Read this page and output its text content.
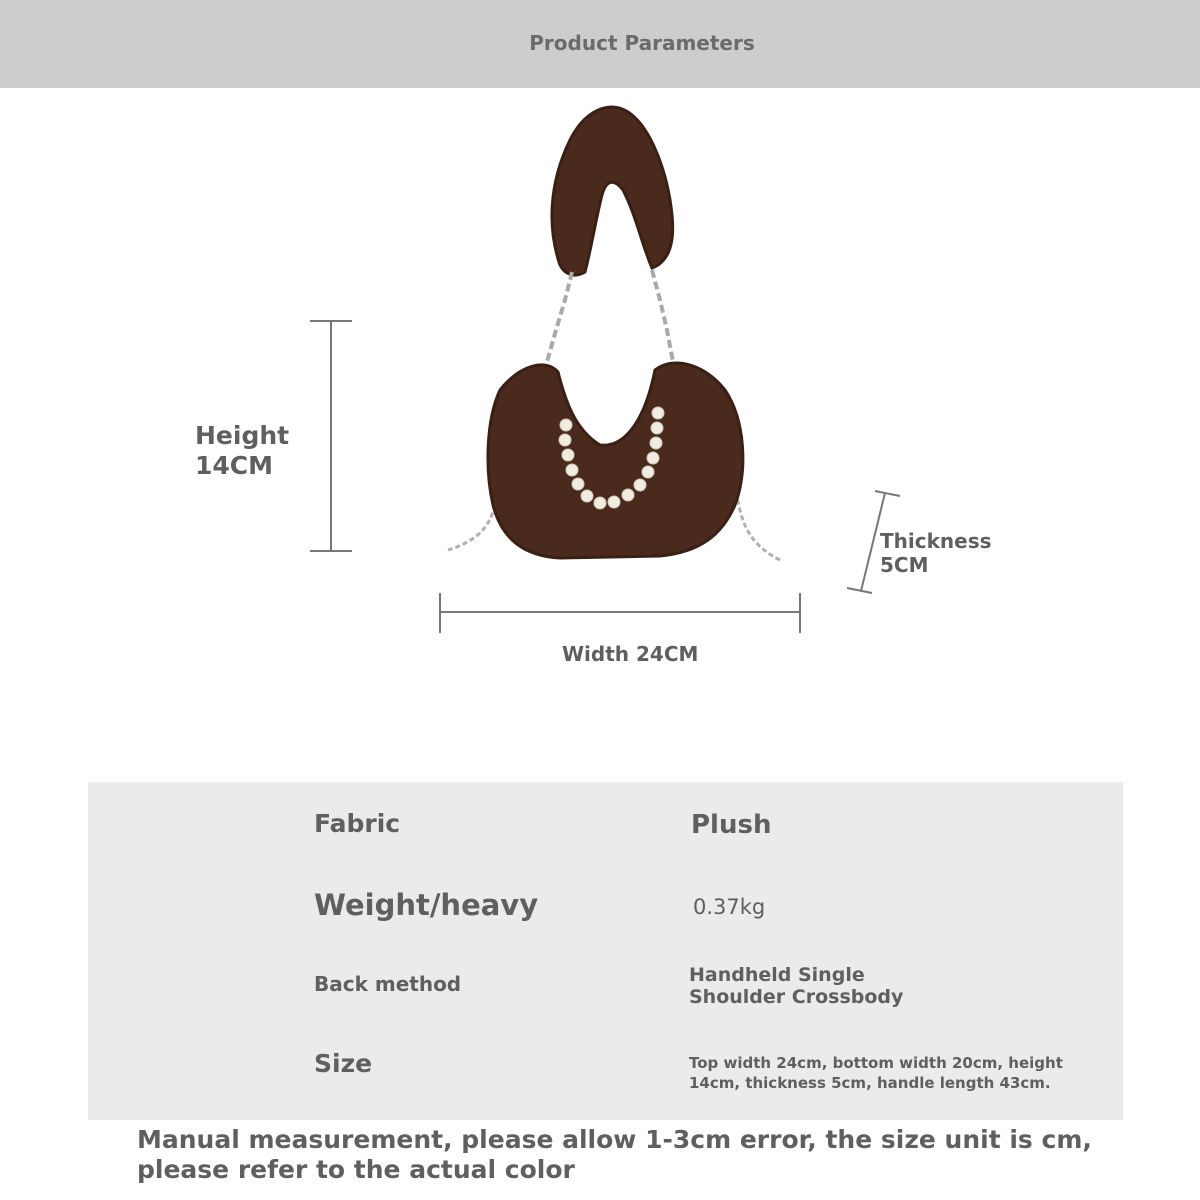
Product Parameters
Height
14CM
Thickness
5CM
Width 24CM
Fabric	Plush
Weight/heavy	0.37kg
Back method	Handheld Single
Shoulder Crossbody
Size	Top width 24cm, bottom width 20cm, height
14cm, thickness 5cm, handle length 43cm.
Manual measurement, please allow 1-3cm error, the size unit is cm,
please refer to the actual color
